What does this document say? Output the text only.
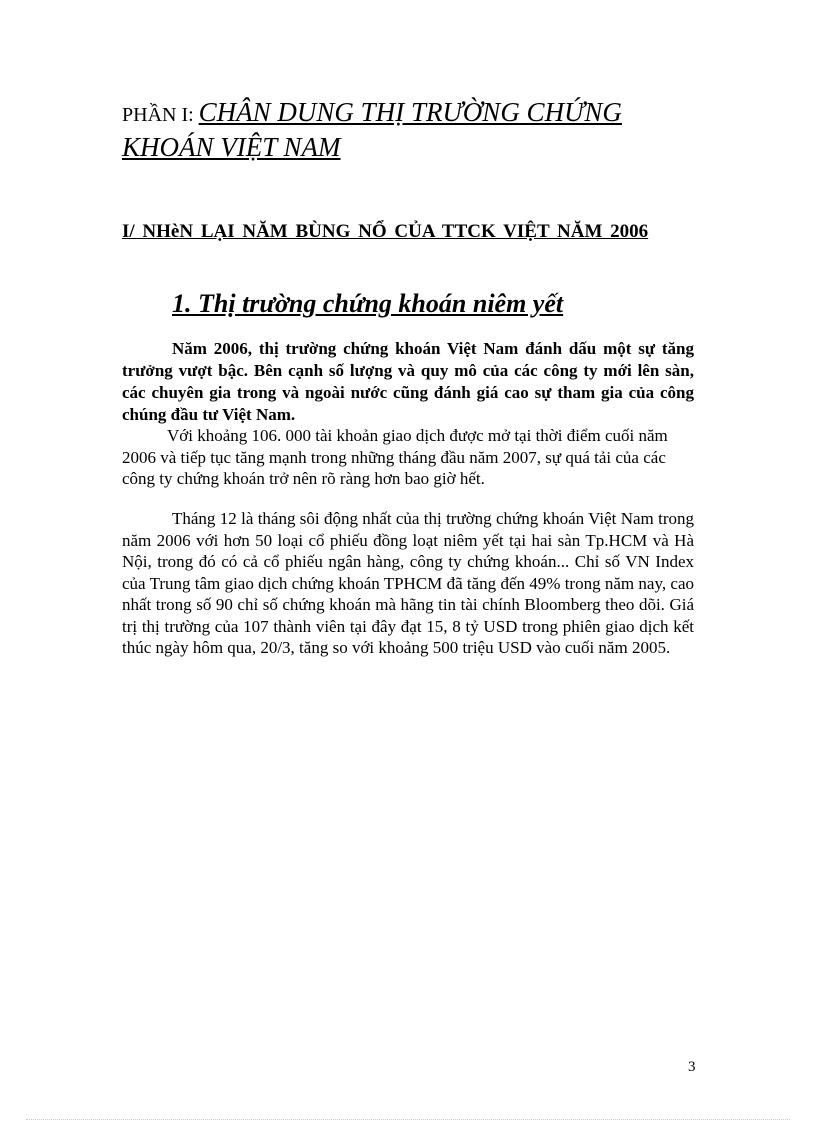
PHẦN I: CHÂN DUNG THỊ TRƯỜNG CHỨNG KHOÁN VIỆT NAM
I/ NHèN LẠI NĂM BÙNG NỔ CỦA TTCK VIỆT NĂM 2006
1. Thị trường chứng khoán niêm yết

Năm 2006, thị trường chứng khoán Việt Nam đánh dấu một sự tăng trưởng vượt bậc. Bên cạnh số lượng và quy mô của các công ty mới lên sàn, các chuyên gia trong và ngoài nước cũng đánh giá cao sự tham gia của công chúng đầu tư Việt Nam.

Với khoảng 106. 000 tài khoản giao dịch được mở tại thời điểm cuối năm 2006 và tiếp tục tăng mạnh trong những tháng đầu năm 2007, sự quá tải của các công ty chứng khoán trở nên rõ ràng hơn bao giờ hết.

Tháng 12 là tháng sôi động nhất của thị trường chứng khoán Việt Nam trong năm 2006 với hơn 50 loại cổ phiếu đồng loạt niêm yết tại hai sàn Tp.HCM và Hà Nội, trong đó có cả cổ phiếu ngân hàng, công ty chứng khoán... Chỉ số VN Index của Trung tâm giao dịch chứng khoán TPHCM đã tăng đến 49% trong năm nay, cao nhất trong số 90 chỉ số chứng khoán mà hãng tin tài chính Bloomberg theo dõi. Giá trị thị trường của 107 thành viên tại đây đạt 15, 8 tỷ USD trong phiên giao dịch kết thúc ngày hôm qua, 20/3, tăng so với khoảng 500 triệu USD vào cuối năm 2005.

3
